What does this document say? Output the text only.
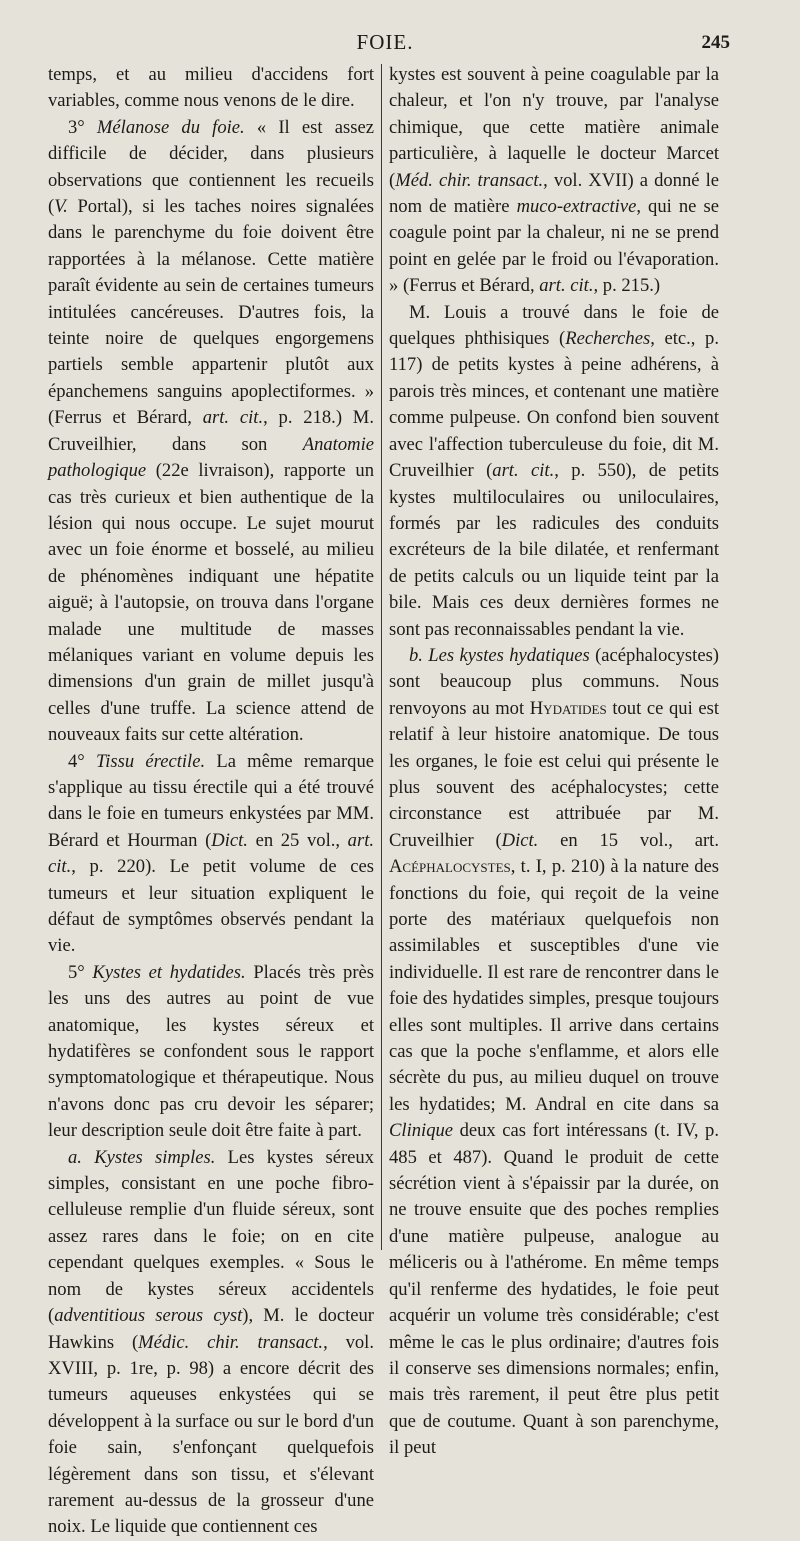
FOIE.	245

temps, et au milieu d'accidens fort variables, comme nous venons de le dire.

3° Mélanose du foie. « Il est assez difficile de décider, dans plusieurs observations que contiennent les recueils (V. Portal), si les taches noires signalées dans le parenchyme du foie doivent être rapportées à la mélanose. Cette matière paraît évidente au sein de certaines tumeurs intitulées cancéreuses. D'autres fois, la teinte noire de quelques engorgemens partiels semble appartenir plutôt aux épanchemens sanguins apoplectiformes. » (Ferrus et Bérard, art. cit., p. 218.) M. Cruveilhier, dans son Anatomie pathologique (22e livraison), rapporte un cas très curieux et bien authentique de la lésion qui nous occupe. Le sujet mourut avec un foie énorme et bosselé, au milieu de phénomènes indiquant une hépatite aiguë; à l'autopsie, on trouva dans l'organe malade une multitude de masses mélaniques variant en volume depuis les dimensions d'un grain de millet jusqu'à celles d'une truffe. La science attend de nouveaux faits sur cette altération.

4° Tissu érectile. La même remarque s'applique au tissu érectile qui a été trouvé dans le foie en tumeurs enkystées par MM. Bérard et Hourman (Dict. en 25 vol., art. cit., p. 220). Le petit volume de ces tumeurs et leur situation expliquent le défaut de symptômes observés pendant la vie.

5° Kystes et hydatides. Placés très près les uns des autres au point de vue anatomique, les kystes séreux et hydatifères se confondent sous le rapport symptomatologique et thérapeutique. Nous n'avons donc pas cru devoir les séparer; leur description seule doit être faite à part.

a. Kystes simples. Les kystes séreux simples, consistant en une poche fibro-celluleuse remplie d'un fluide séreux, sont assez rares dans le foie; on en cite cependant quelques exemples. « Sous le nom de kystes séreux accidentels (adventitious serous cyst), M. le docteur Hawkins (Médic. chir. transact., vol. XVIII, p. 1re, p. 98) a encore décrit des tumeurs aqueuses enkystées qui se développent à la surface ou sur le bord d'un foie sain, s'enfonçant quelquefois légèrement dans son tissu, et s'élevant rarement au-dessus de la grosseur d'une noix. Le liquide que contiennent ces

kystes est souvent à peine coagulable par la chaleur, et l'on n'y trouve, par l'analyse chimique, que cette matière animale particulière, à laquelle le docteur Marcet (Méd. chir. transact., vol. XVII) a donné le nom de matière muco-extractive, qui ne se coagule point par la chaleur, ni ne se prend point en gelée par le froid ou l'évaporation. » (Ferrus et Bérard, art. cit., p. 215.)

M. Louis a trouvé dans le foie de quelques phthisiques (Recherches, etc., p. 117) de petits kystes à peine adhérens, à parois très minces, et contenant une matière comme pulpeuse. On confond bien souvent avec l'affection tuberculeuse du foie, dit M. Cruveilhier (art. cit., p. 550), de petits kystes multiloculaires ou uniloculaires, formés par les radicules des conduits excréteurs de la bile dilatée, et renfermant de petits calculs ou un liquide teint par la bile. Mais ces deux dernières formes ne sont pas reconnaissables pendant la vie.

b. Les kystes hydatiques (acéphalocystes) sont beaucoup plus communs. Nous renvoyons au mot Hydatides tout ce qui est relatif à leur histoire anatomique. De tous les organes, le foie est celui qui présente le plus souvent des acéphalocystes; cette circonstance est attribuée par M. Cruveilhier (Dict. en 15 vol., art. Acéphalocystes, t. I, p. 210) à la nature des fonctions du foie, qui reçoit de la veine porte des matériaux quelquefois non assimilables et susceptibles d'une vie individuelle. Il est rare de rencontrer dans le foie des hydatides simples, presque toujours elles sont multiples. Il arrive dans certains cas que la poche s'enflamme, et alors elle sécrète du pus, au milieu duquel on trouve les hydatides; M. Andral en cite dans sa Clinique deux cas fort intéressans (t. IV, p. 485 et 487). Quand le produit de cette sécrétion vient à s'épaissir par la durée, on ne trouve ensuite que des poches remplies d'une matière pulpeuse, analogue au méliceris ou à l'athérome. En même temps qu'il renferme des hydatides, le foie peut acquérir un volume très considérable; c'est même le cas le plus ordinaire; d'autres fois il conserve ses dimensions normales; enfin, mais très rarement, il peut être plus petit que de coutume. Quant à son parenchyme, il peut
